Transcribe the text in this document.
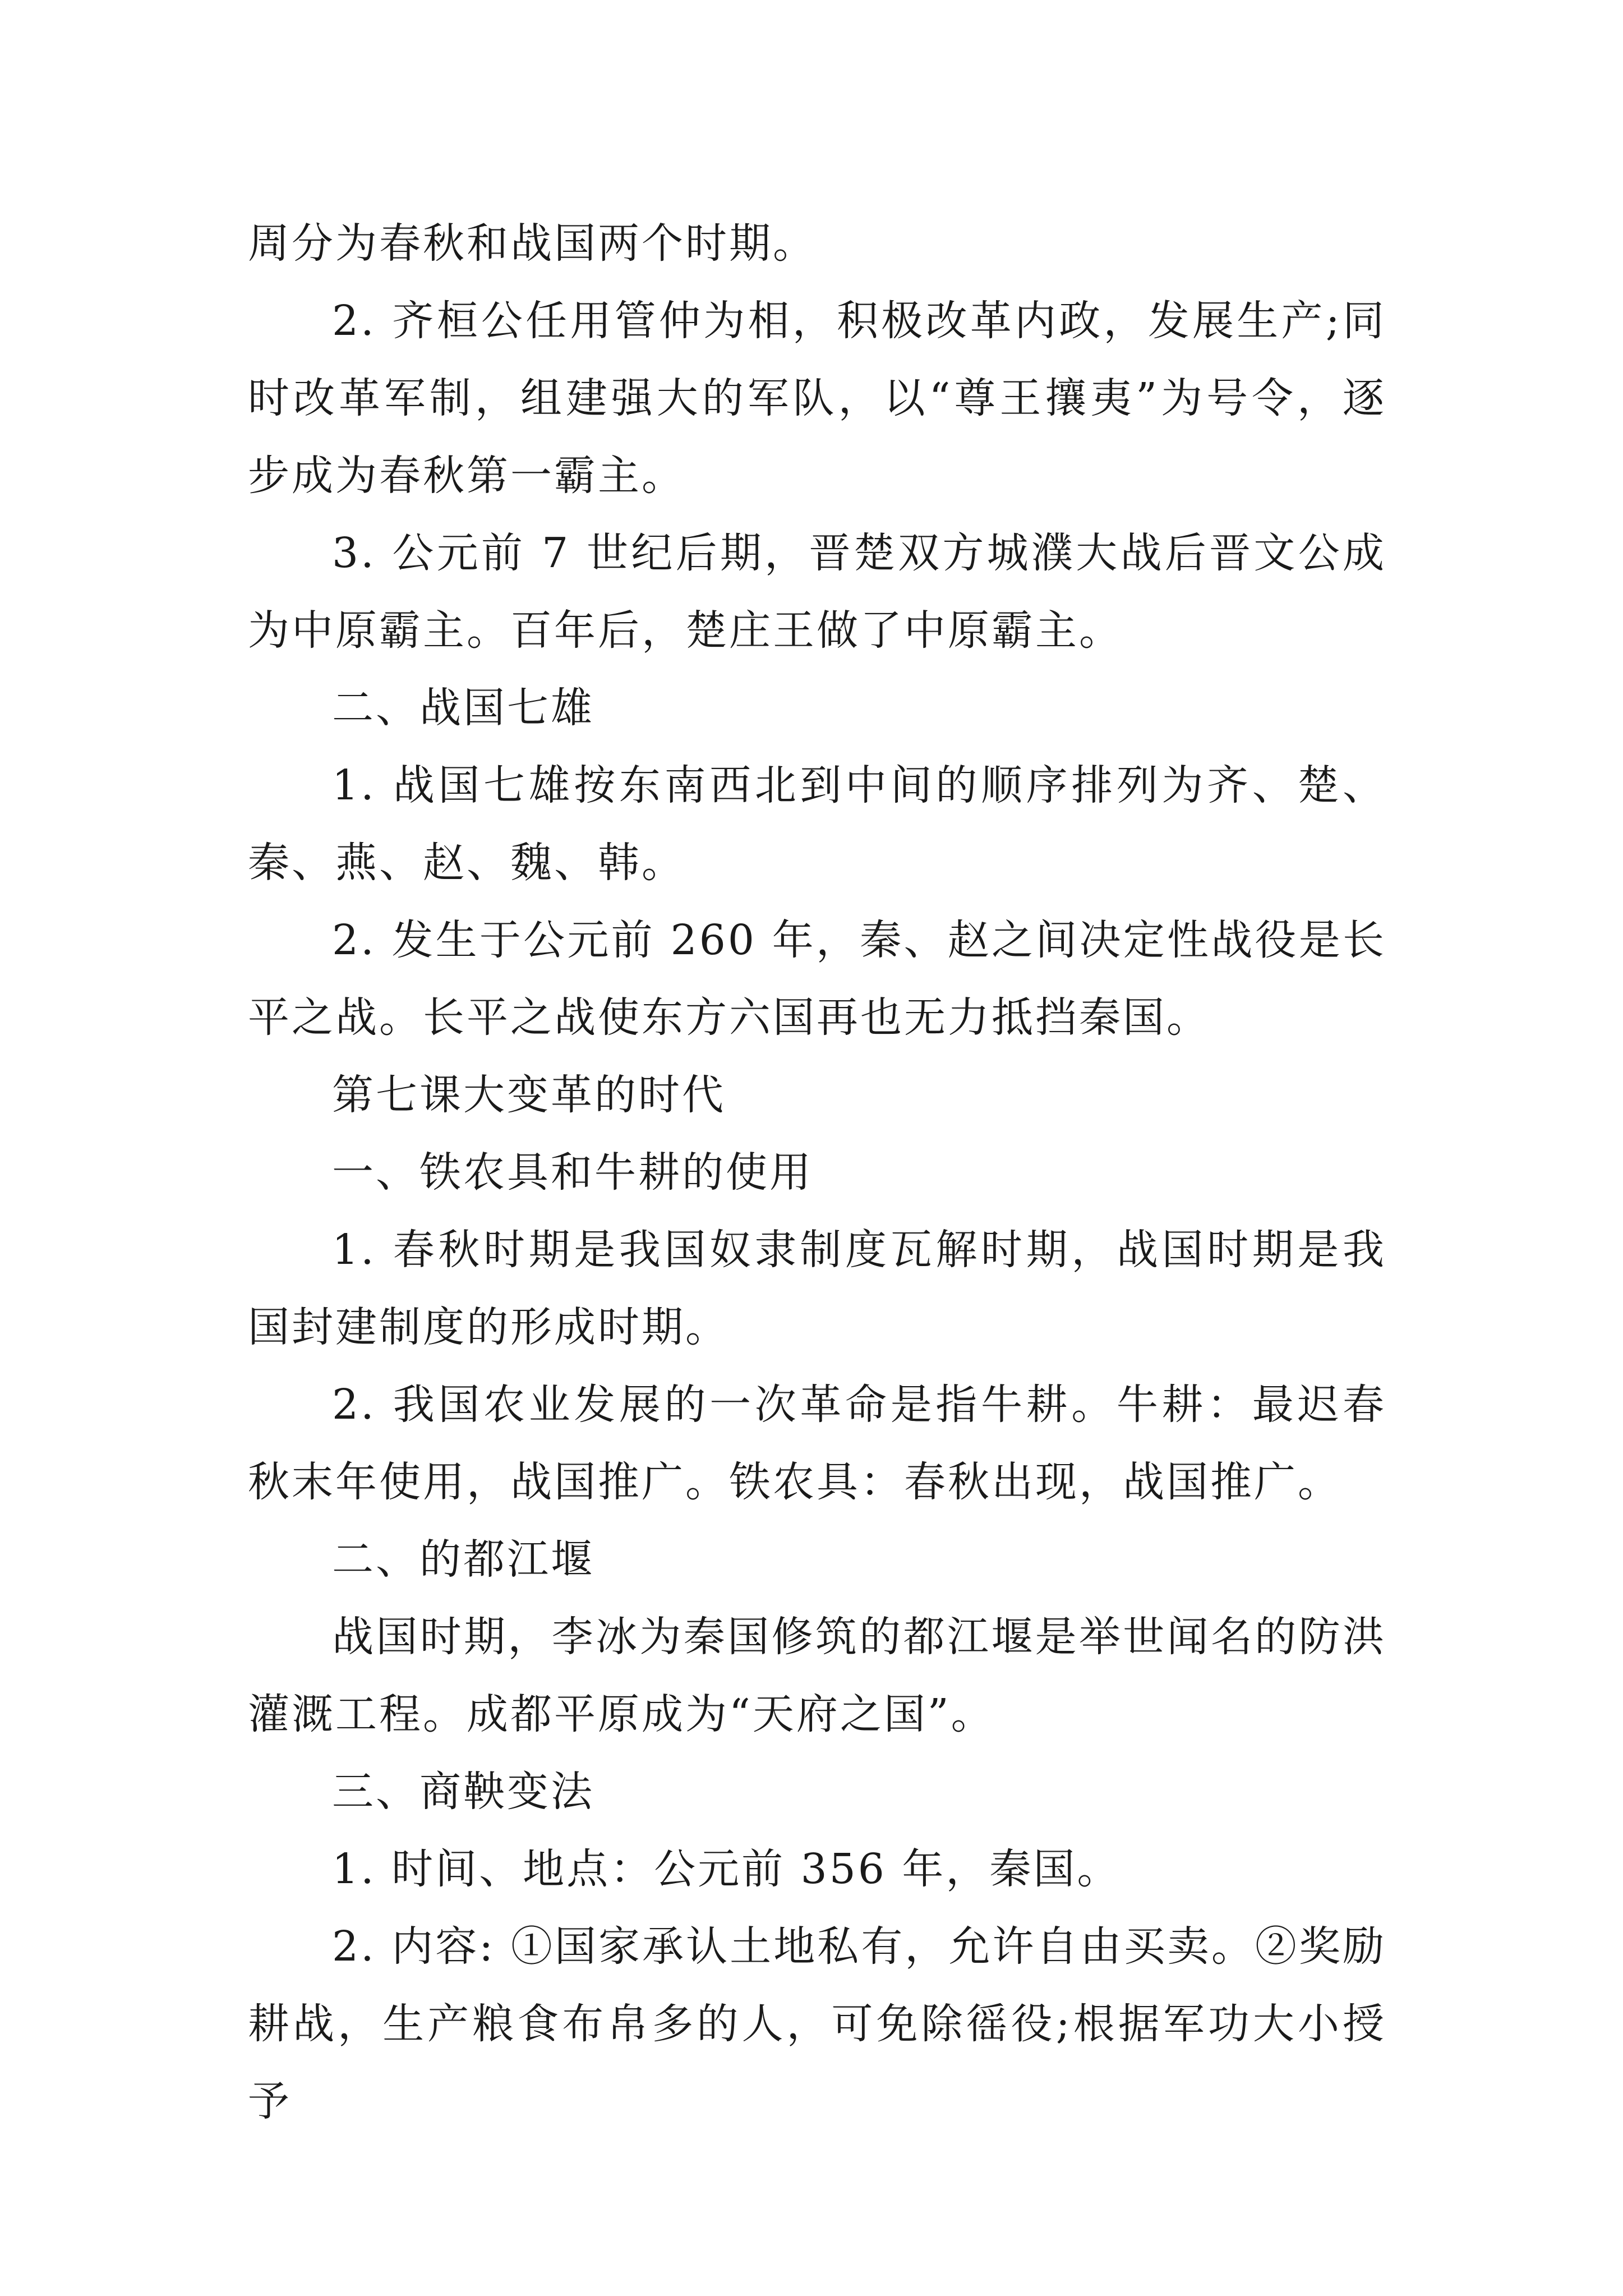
周分为春秋和战国两个时期。

2. 齐桓公任用管仲为相，积极改革内政，发展生产;同时改革军制，组建强大的军队，以“尊王攘夷”为号令，逐步成为春秋第一霸主。

3. 公元前 7 世纪后期，晋楚双方城濮大战后晋文公成为中原霸主。百年后，楚庄王做了中原霸主。

二、战国七雄

1. 战国七雄按东南西北到中间的顺序排列为齐、楚、秦、燕、赵、魏、韩。

2. 发生于公元前 260 年，秦、赵之间决定性战役是长平之战。长平之战使东方六国再也无力抵挡秦国。

第七课大变革的时代

一、铁农具和牛耕的使用

1. 春秋时期是我国奴隶制度瓦解时期，战国时期是我国封建制度的形成时期。

2. 我国农业发展的一次革命是指牛耕。牛耕：最迟春秋末年使用，战国推广。铁农具：春秋出现，战国推广。

二、的都江堰

战国时期，李冰为秦国修筑的都江堰是举世闻名的防洪灌溉工程。成都平原成为“天府之国”。

三、商鞅变法

1. 时间、地点：公元前 356 年，秦国。

2. 内容: ①国家承认土地私有，允许自由买卖。②奖励耕战，生产粮食布帛多的人，可免除徭役;根据军功大小授予
